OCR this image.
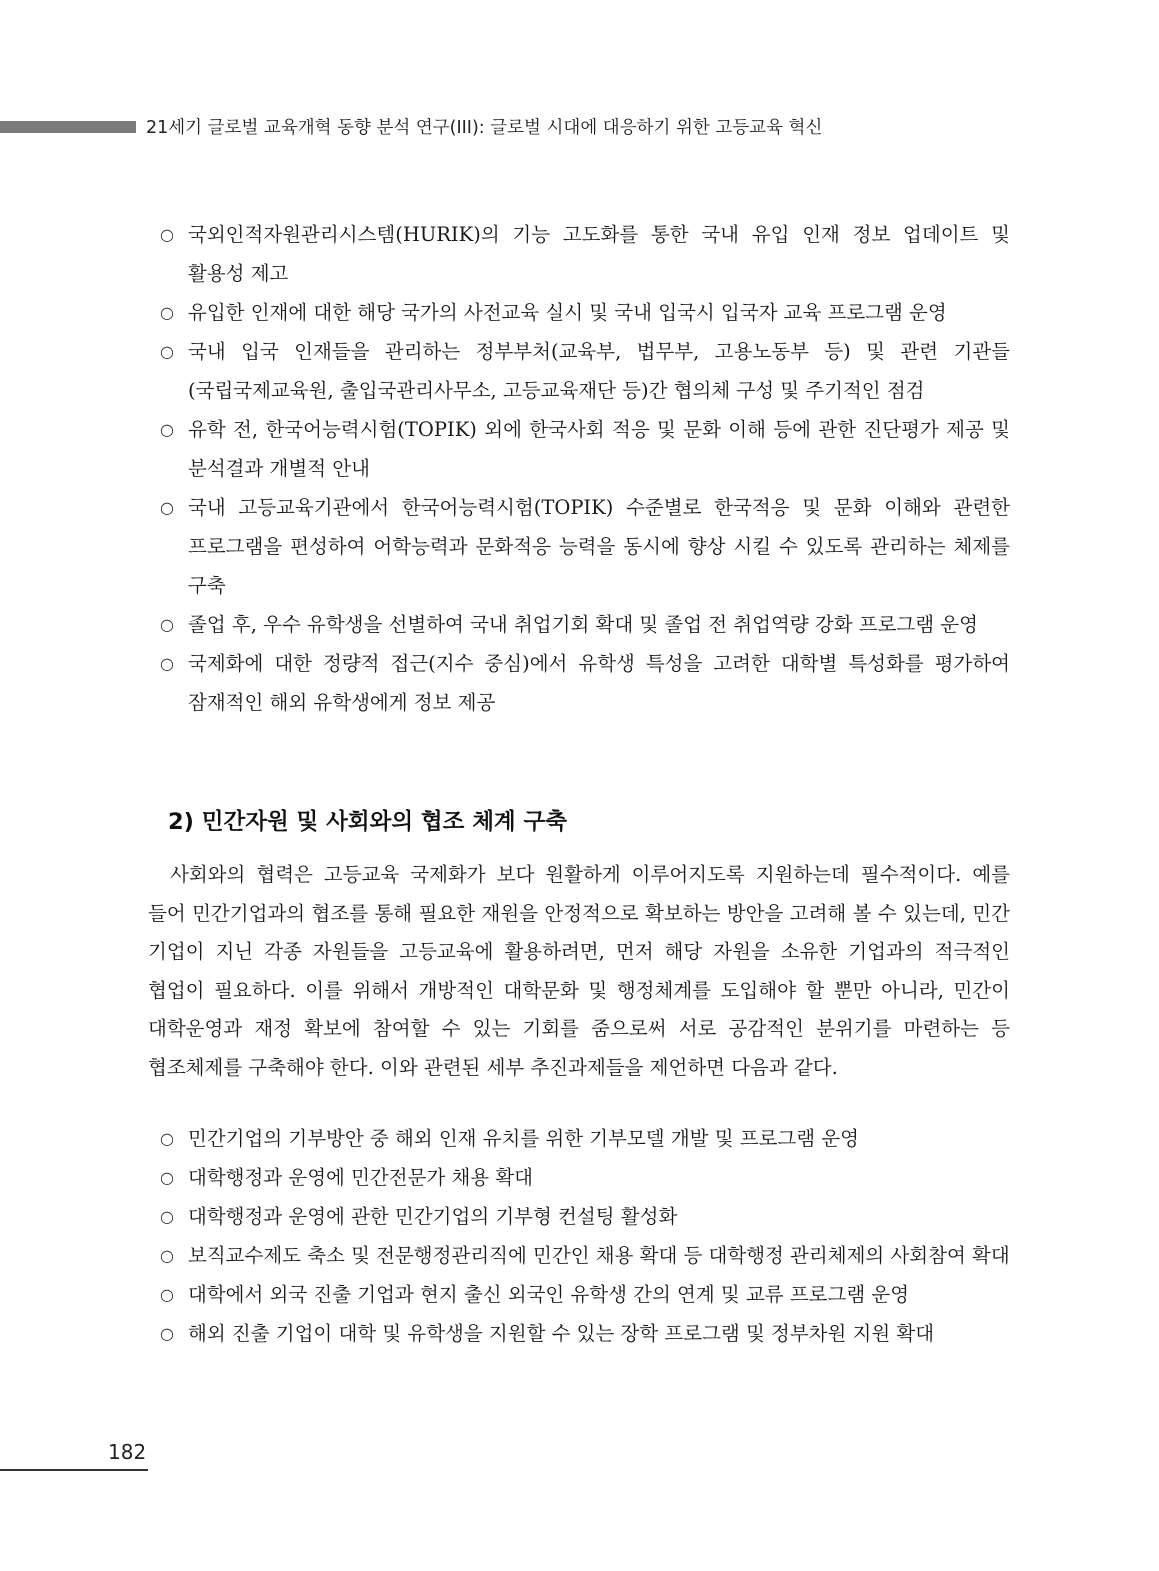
21세기 글로벌 교육개혁 동향 분석 연구(III): 글로벌 시대에 대응하기 위한 고등교육 혁신
○ 국외인적자원관리시스템(HURIK)의 기능 고도화를 통한 국내 유입 인재 정보 업데이트 및 활용성 제고
○ 유입한 인재에 대한 해당 국가의 사전교육 실시 및 국내 입국시 입국자 교육 프로그램 운영
○ 국내 입국 인재들을 관리하는 정부부처(교육부, 법무부, 고용노동부 등) 및 관련 기관들(국립국제교육원, 출입국관리사무소, 고등교육재단 등)간 협의체 구성 및 주기적인 점검
○ 유학 전, 한국어능력시험(TOPIK) 외에 한국사회 적응 및 문화 이해 등에 관한 진단평가 제공 및 분석결과 개별적 안내
○ 국내 고등교육기관에서 한국어능력시험(TOPIK) 수준별로 한국적응 및 문화 이해와 관련한 프로그램을 편성하여 어학능력과 문화적응 능력을 동시에 향상 시킬 수 있도록 관리하는 체제를 구축
○ 졸업 후, 우수 유학생을 선별하여 국내 취업기회 확대 및 졸업 전 취업역량 강화 프로그램 운영
○ 국제화에 대한 정량적 접근(지수 중심)에서 유학생 특성을 고려한 대학별 특성화를 평가하여 잠재적인 해외 유학생에게 정보 제공
2) 민간자원 및 사회와의 협조 체계 구축

사회와의 협력은 고등교육 국제화가 보다 원활하게 이루어지도록 지원하는데 필수적이다. 예를 들어 민간기업과의 협조를 통해 필요한 재원을 안정적으로 확보하는 방안을 고려해 볼 수 있는데, 민간 기업이 지닌 각종 자원들을 고등교육에 활용하려면, 먼저 해당 자원을 소유한 기업과의 적극적인 협업이 필요하다. 이를 위해서 개방적인 대학문화 및 행정체계를 도입해야 할 뿐만 아니라, 민간이 대학운영과 재정 확보에 참여할 수 있는 기회를 줌으로써 서로 공감적인 분위기를 마련하는 등 협조체제를 구축해야 한다. 이와 관련된 세부 추진과제들을 제언하면 다음과 같다.

○ 민간기업의 기부방안 중 해외 인재 유치를 위한 기부모델 개발 및 프로그램 운영
○ 대학행정과 운영에 민간전문가 채용 확대
○ 대학행정과 운영에 관한 민간기업의 기부형 컨설팅 활성화
○ 보직교수제도 축소 및 전문행정관리직에 민간인 채용 확대 등 대학행정 관리체제의 사회참여 확대
○ 대학에서 외국 진출 기업과 현지 출신 외국인 유학생 간의 연계 및 교류 프로그램 운영
○ 해외 진출 기업이 대학 및 유학생을 지원할 수 있는 장학 프로그램 및 정부차원 지원 확대
182
